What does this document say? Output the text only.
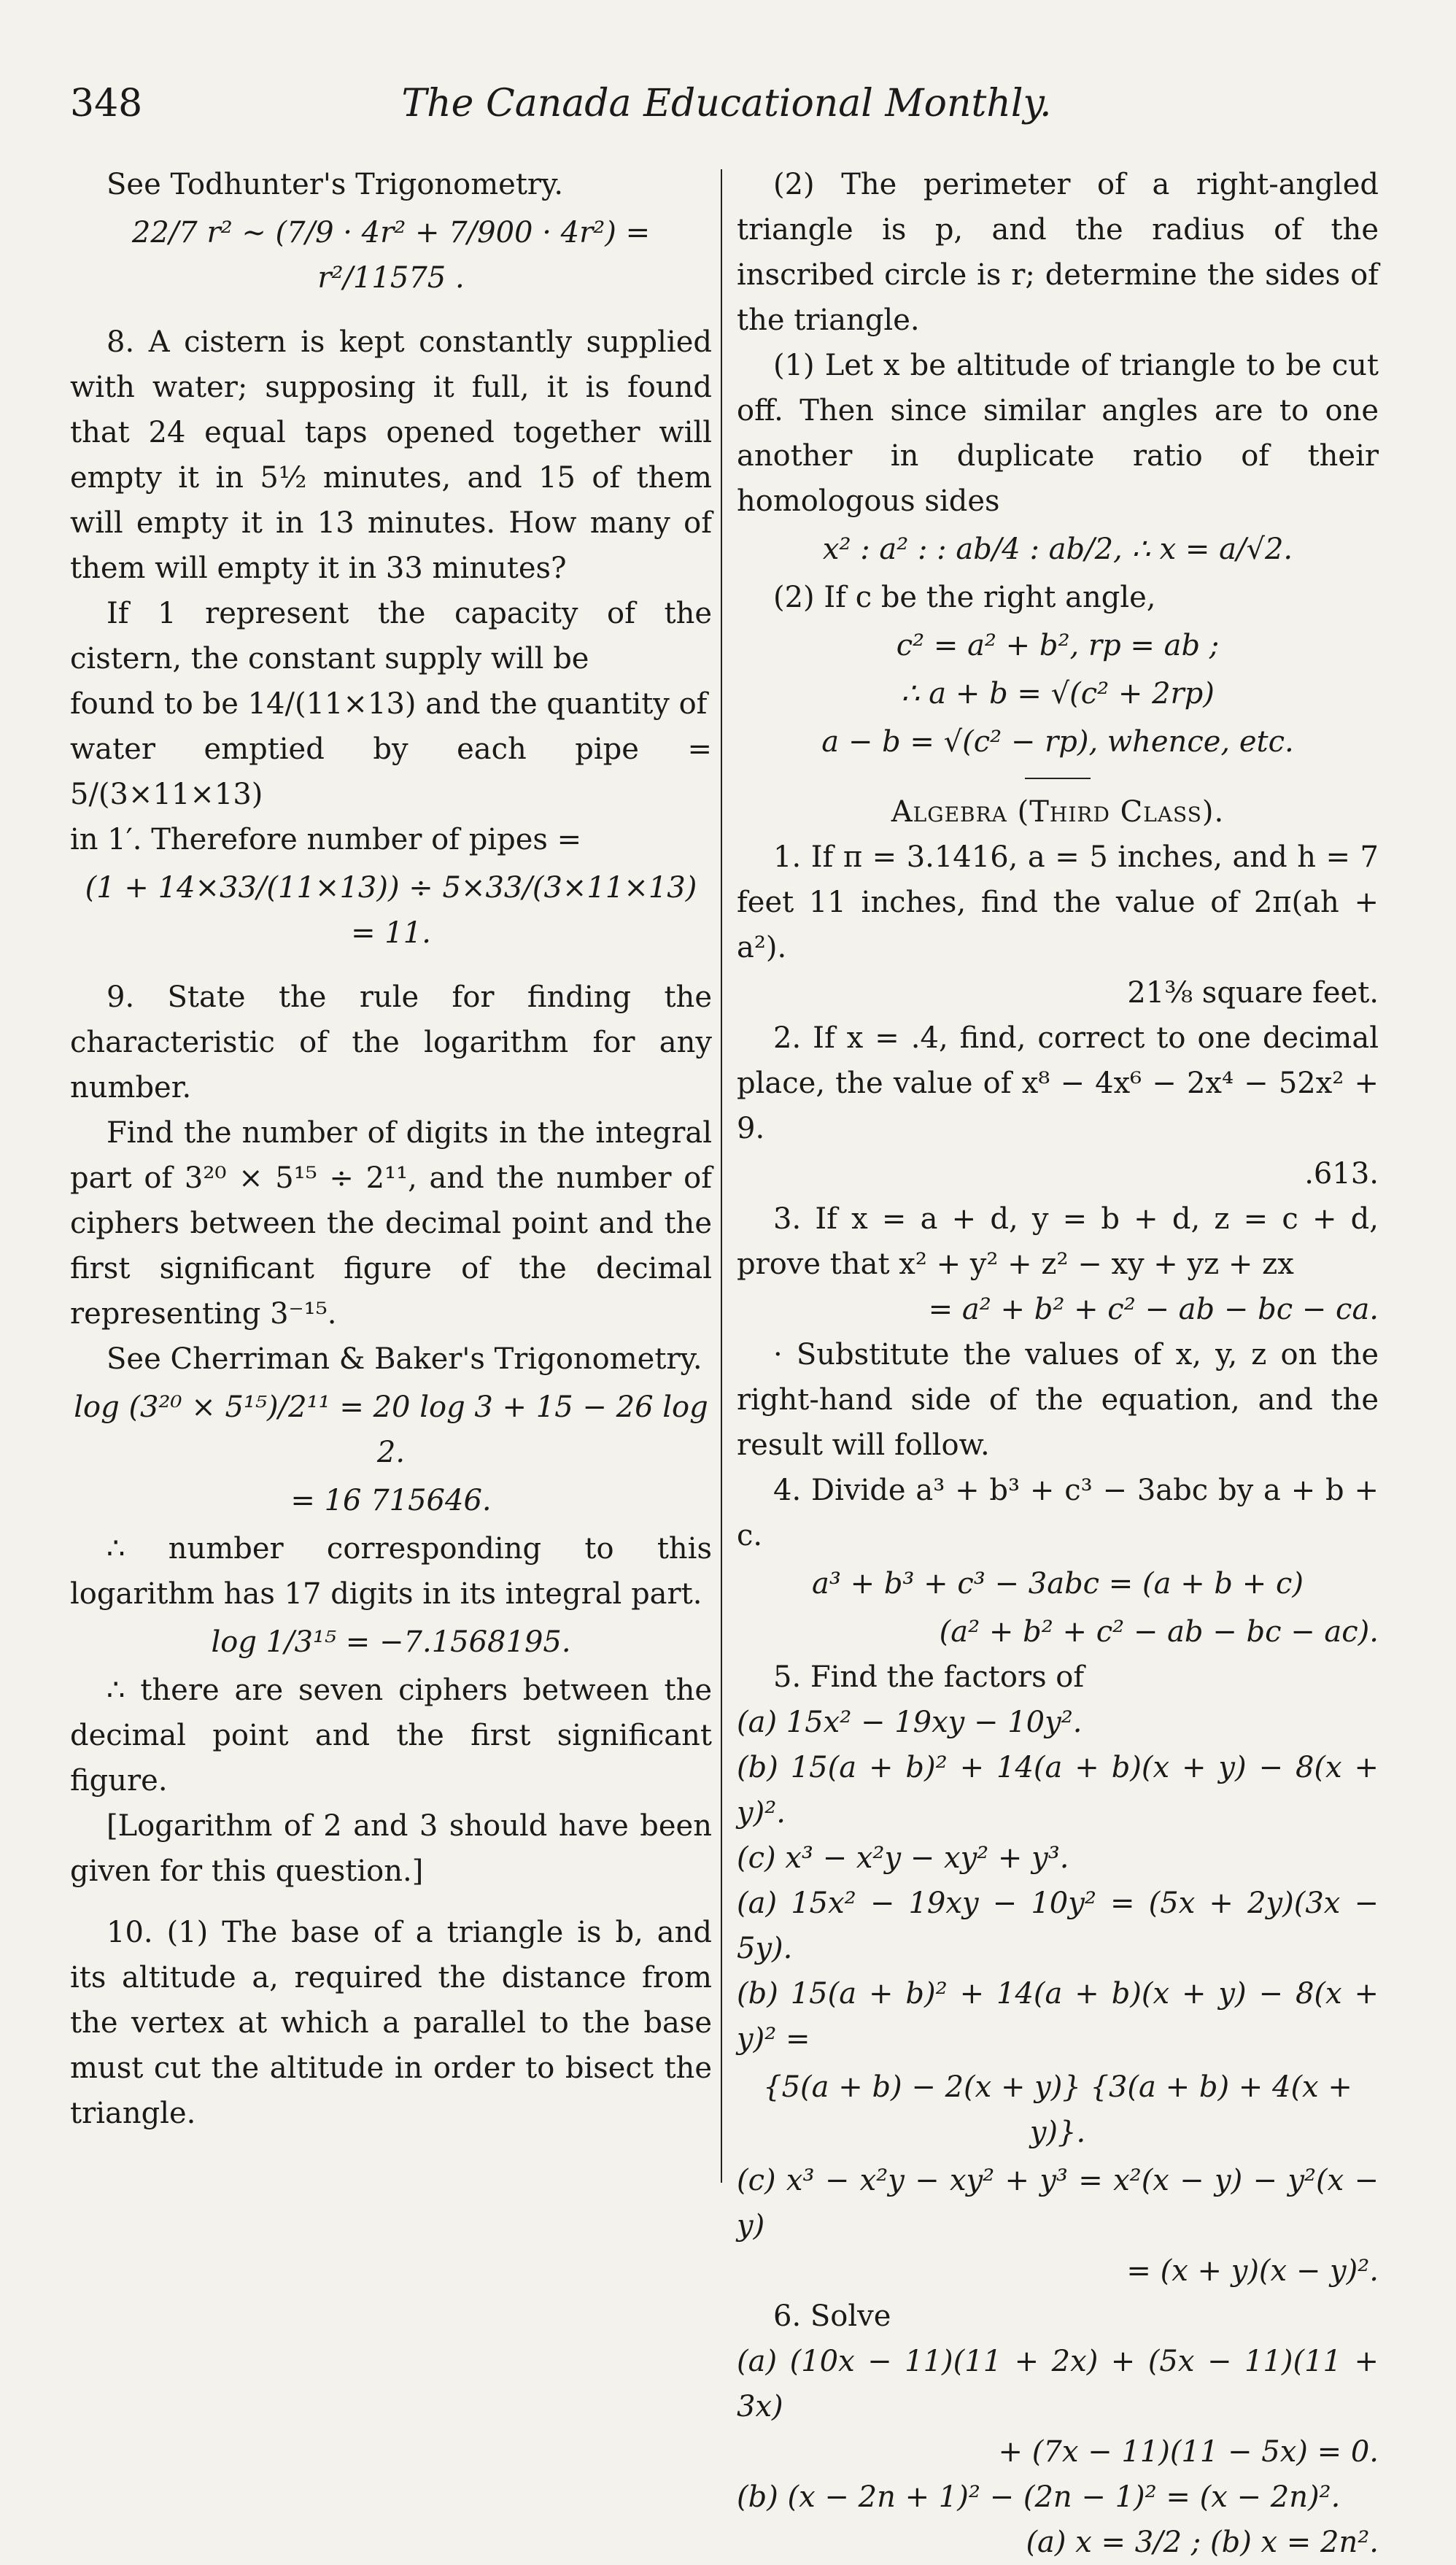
348	The Canada Educational Monthly.

See Todhunter's Trigonometry.

22/7 r² ∼ (7/9 · 4r² + 7/900 · 4r²) = r²/11575 .

8. A cistern is kept constantly supplied with water; supposing it full, it is found that 24 equal taps opened together will empty it in 5½ minutes, and 15 of them will empty it in 13 minutes. How many of them will empty it in 33 minutes?

If 1 represent the capacity of the cistern, the constant supply will be

found to be 14/(11×13) and the quantity of

water emptied by each pipe = 5/(3×11×13)

in 1′. Therefore number of pipes =

(1 + 14×33/(11×13)) ÷ 5×33/(3×11×13) = 11.

9. State the rule for finding the characteristic of the logarithm for any number.

Find the number of digits in the integral part of 3²⁰ × 5¹⁵ ÷ 2¹¹, and the number of ciphers between the decimal point and the first significant figure of the decimal representing 3⁻¹⁵.

See Cherriman & Baker's Trigonometry.

log (3²⁰ × 5¹⁵)/2¹¹ = 20 log 3 + 15 − 26 log 2.

= 16 715646.

∴ number corresponding to this logarithm has 17 digits in its integral part.

log 1/3¹⁵ = −7.1568195.

∴ there are seven ciphers between the decimal point and the first significant figure.

[Logarithm of 2 and 3 should have been given for this question.]

10. (1) The base of a triangle is b, and its altitude a, required the distance from the vertex at which a parallel to the base must cut the altitude in order to bisect the triangle.

(2) The perimeter of a right-angled triangle is p, and the radius of the inscribed circle is r; determine the sides of the triangle.

(1) Let x be altitude of triangle to be cut off. Then since similar angles are to one another in duplicate ratio of their homologous sides

x² : a² : : ab/4 : ab/2, ∴ x = a/√2.

(2) If c be the right angle,

c² = a² + b², rp = ab ;

∴ a + b = √(c² + 2rp)

a − b = √(c² − rp), whence, etc.

Algebra (Third Class).

1. If π = 3.1416, a = 5 inches, and h = 7 feet 11 inches, find the value of 2π(ah + a²).

21⅜ square feet.

2. If x = .4, find, correct to one decimal place, the value of x⁸ − 4x⁶ − 2x⁴ − 52x² + 9.

.613.

3. If x = a + d, y = b + d, z = c + d, prove that x² + y² + z² − xy + yz + zx

= a² + b² + c² − ab − bc − ca.

· Substitute the values of x, y, z on the right-hand side of the equation, and the result will follow.

4. Divide a³ + b³ + c³ − 3abc by a + b + c.

a³ + b³ + c³ − 3abc = (a + b + c)

(a² + b² + c² − ab − bc − ac).

5. Find the factors of

(a) 15x² − 19xy − 10y².

(b) 15(a + b)² + 14(a + b)(x + y) − 8(x + y)².

(c) x³ − x²y − xy² + y³.

(a) 15x² − 19xy − 10y² = (5x + 2y)(3x − 5y).

(b) 15(a + b)² + 14(a + b)(x + y) − 8(x + y)² =

{5(a + b) − 2(x + y)} {3(a + b) + 4(x + y)}.

(c) x³ − x²y − xy² + y³ = x²(x − y) − y²(x − y)

= (x + y)(x − y)².

6. Solve

(a) (10x − 11)(11 + 2x) + (5x − 11)(11 + 3x)

+ (7x − 11)(11 − 5x) = 0.

(b) (x − 2n + 1)² − (2n − 1)² = (x − 2n)².

(a) x = 3/2 ; (b) x = 2n².
